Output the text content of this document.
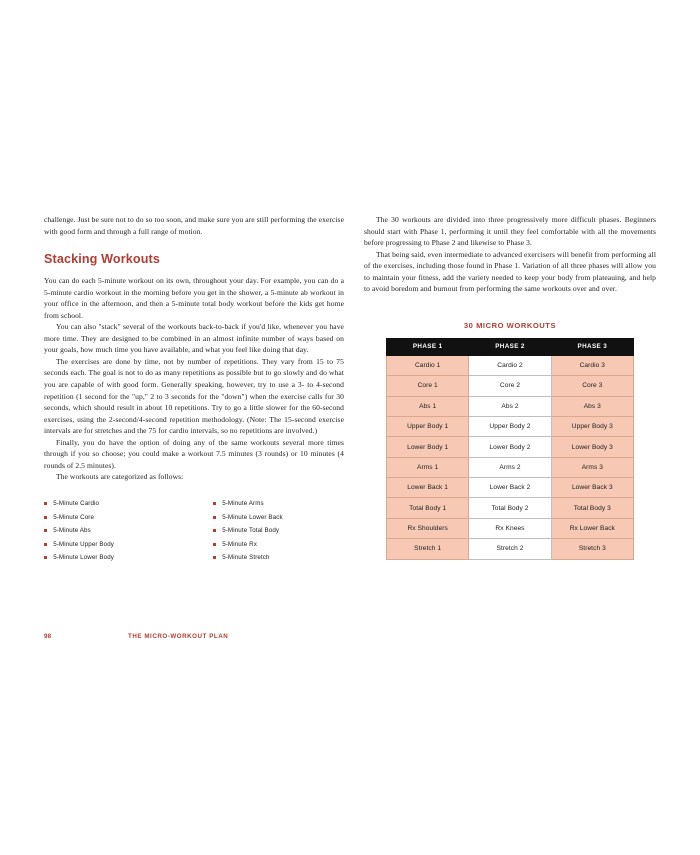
challenge. Just be sure not to do so too soon, and make sure you are still performing the exercise with good form and through a full range of motion.

Stacking Workouts

You can do each 5-minute workout on its own, throughout your day. For example, you can do a 5-minute cardio workout in the morning before you get in the shower, a 5-minute ab workout in your office in the afternoon, and then a 5-minute total body workout before the kids get home from school.

You can also "stack" several of the workouts back-to-back if you'd like, whenever you have more time. They are designed to be combined in an almost infinite number of ways based on your goals, how much time you have available, and what you feel like doing that day.

The exercises are done by time, not by number of repetitions. They vary from 15 to 75 seconds each. The goal is not to do as many repetitions as possible but to go slowly and do what you are capable of with good form. Generally speaking, however, try to use a 3- to 4-second repetition (1 second for the "up," 2 to 3 seconds for the "down") when the exercise calls for 30 seconds, which should result in about 10 repetitions. Try to go a little slower for the 60-second exercises, using the 2-second/4-second repetition methodology. (Note: The 15-second exercise intervals are for stretches and the 75 for cardio intervals, so no repetitions are involved.)

Finally, you do have the option of doing any of the same workouts several more times through if you so choose; you could make a workout 7.5 minutes (3 rounds) or 10 minutes (4 rounds of 2.5 minutes).

The workouts are categorized as follows:

5-Minute Cardio
5-Minute Core
5-Minute Abs
5-Minute Upper Body
5-Minute Lower Body
5-Minute Arms
5-Minute Lower Back
5-Minute Total Body
5-Minute Rx
5-Minute Stretch

The 30 workouts are divided into three progressively more difficult phases. Beginners should start with Phase 1, performing it until they feel comfortable with all the movements before progressing to Phase 2 and likewise to Phase 3.

That being said, even intermediate to advanced exercisers will benefit from performing all of the exercises, including those found in Phase 1. Variation of all three phases will allow you to maintain your fitness, add the variety needed to keep your body from plateauing, and help to avoid boredom and burnout from performing the same workouts over and over.

30 MICRO WORKOUTS
PHASE 1	PHASE 2	PHASE 3
Cardio 1	Cardio 2	Cardio 3
Core 1	Core 2	Core 3
Abs 1	Abs 2	Abs 3
Upper Body 1	Upper Body 2	Upper Body 3
Lower Body 1	Lower Body 2	Lower Body 3
Arms 1	Arms 2	Arms 3
Lower Back 1	Lower Back 2	Lower Back 3
Total Body 1	Total Body 2	Total Body 3
Rx Shoulders	Rx Knees	Rx Lower Back
Stretch 1	Stretch 2	Stretch 3
98	THE MICRO-WORKOUT PLAN
